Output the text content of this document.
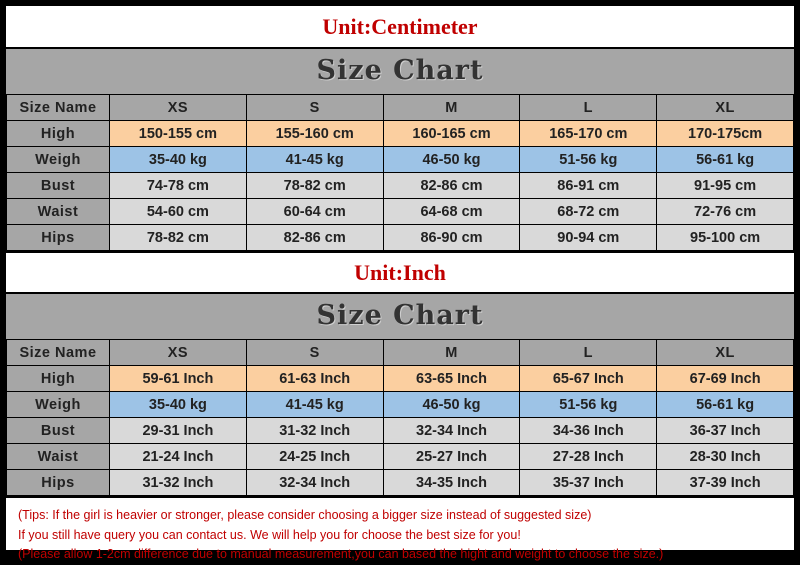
Unit:Centimeter
Size Chart
Size Name	XS	S	M	L	XL
High	150-155 cm	155-160 cm	160-165 cm	165-170 cm	170-175cm
Weigh	35-40 kg	41-45 kg	46-50 kg	51-56 kg	56-61 kg
Bust	74-78 cm	78-82 cm	82-86 cm	86-91 cm	91-95 cm
Waist	54-60 cm	60-64 cm	64-68 cm	68-72 cm	72-76 cm
Hips	78-82 cm	82-86 cm	86-90 cm	90-94 cm	95-100 cm
Unit:Inch
Size Chart
Size Name	XS	S	M	L	XL
High	59-61 Inch	61-63 Inch	63-65 Inch	65-67 Inch	67-69 Inch
Weigh	35-40 kg	41-45 kg	46-50 kg	51-56 kg	56-61 kg
Bust	29-31 Inch	31-32 Inch	32-34 Inch	34-36 Inch	36-37 Inch
Waist	21-24 Inch	24-25 Inch	25-27 Inch	27-28 Inch	28-30 Inch
Hips	31-32 Inch	32-34 Inch	34-35 Inch	35-37 Inch	37-39 Inch
(Tips: If the girl is heavier or stronger, please consider choosing a bigger size instead of suggested size)
If you still have query you can contact us. We will help you for choose the best size for you!
(Please allow 1-2cm difference due to manual measurement,you can based the hight and weight to choose the size.)
